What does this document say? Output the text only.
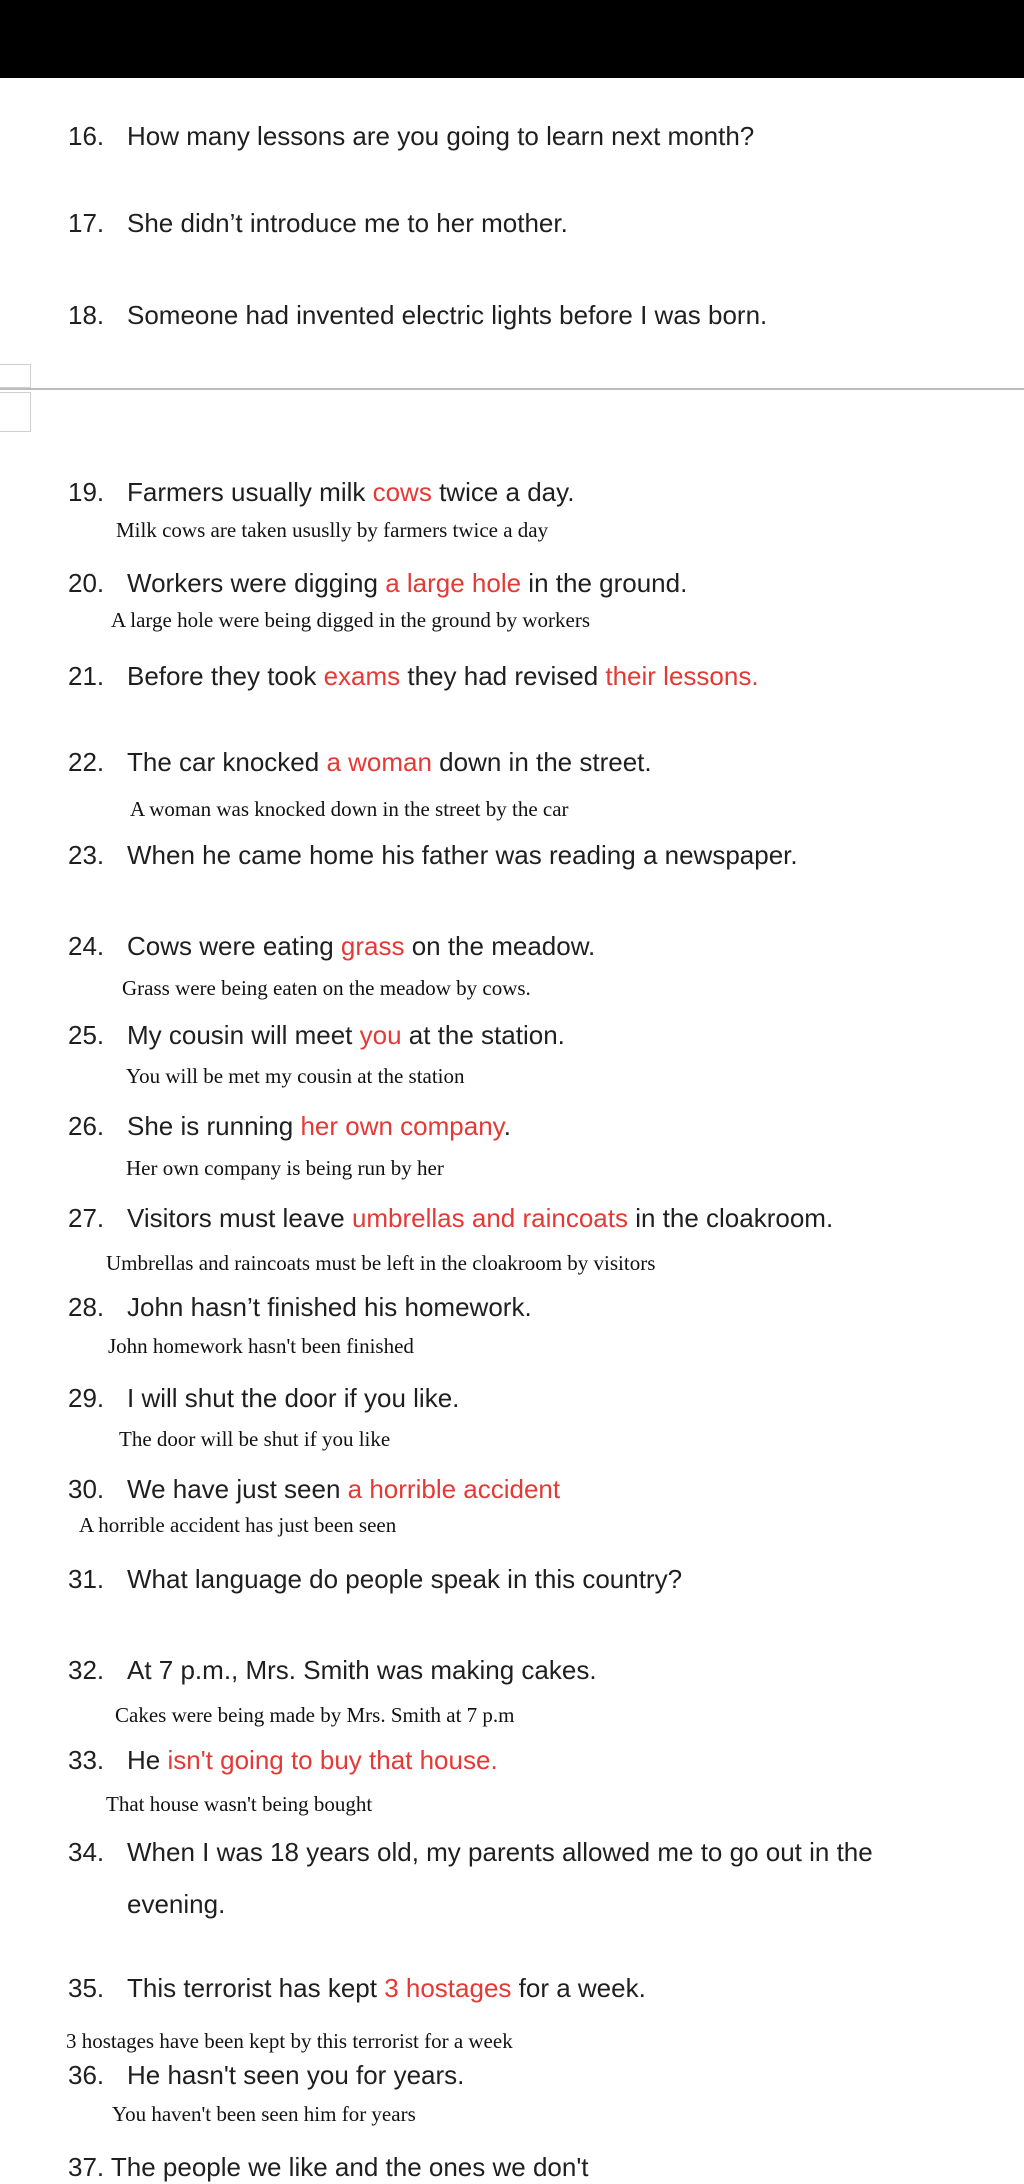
16. How many lessons are you going to learn next month?
17. She didn’t introduce me to her mother.
18. Someone had invented electric lights before I was born.
19. Farmers usually milk cows twice a day.
20. Workers were digging a large hole in the ground.
21. Before they took exams they had revised their lessons.
22. The car knocked a woman down in the street.
23. When he came home his father was reading a newspaper.
24. Cows were eating grass on the meadow.
25. My cousin will meet you at the station.
26. She is running her own company.
27. Visitors must leave umbrellas and raincoats in the cloakroom.
28. John hasn’t finished his homework.
29. I will shut the door if you like.
30. We have just seen a horrible accident
31. What language do people speak in this country?
32. At 7 p.m., Mrs. Smith was making cakes.
33. He isn't going to buy that house.
34. When I was 18 years old, my parents allowed me to go out in the
evening.
35. This terrorist has kept 3 hostages for a week.
36. He hasn't seen you for years.
Milk cows are taken ususlly by farmers twice a day
A large hole were being digged in the ground by workers
A woman was knocked down in the street by the car
Grass were being eaten on the meadow by cows.
You will be met my cousin at the station
Her own company is being run by her
Umbrellas and raincoats must be left in the cloakroom by visitors
John homework hasn't been finished
The door will be shut if you like
A horrible accident has just been seen
Cakes were being made by Mrs. Smith at 7 p.m
That house wasn't being bought
3 hostages have been kept by this terrorist for a week
You haven't been seen him for years
37. The people we like and the ones we don't
